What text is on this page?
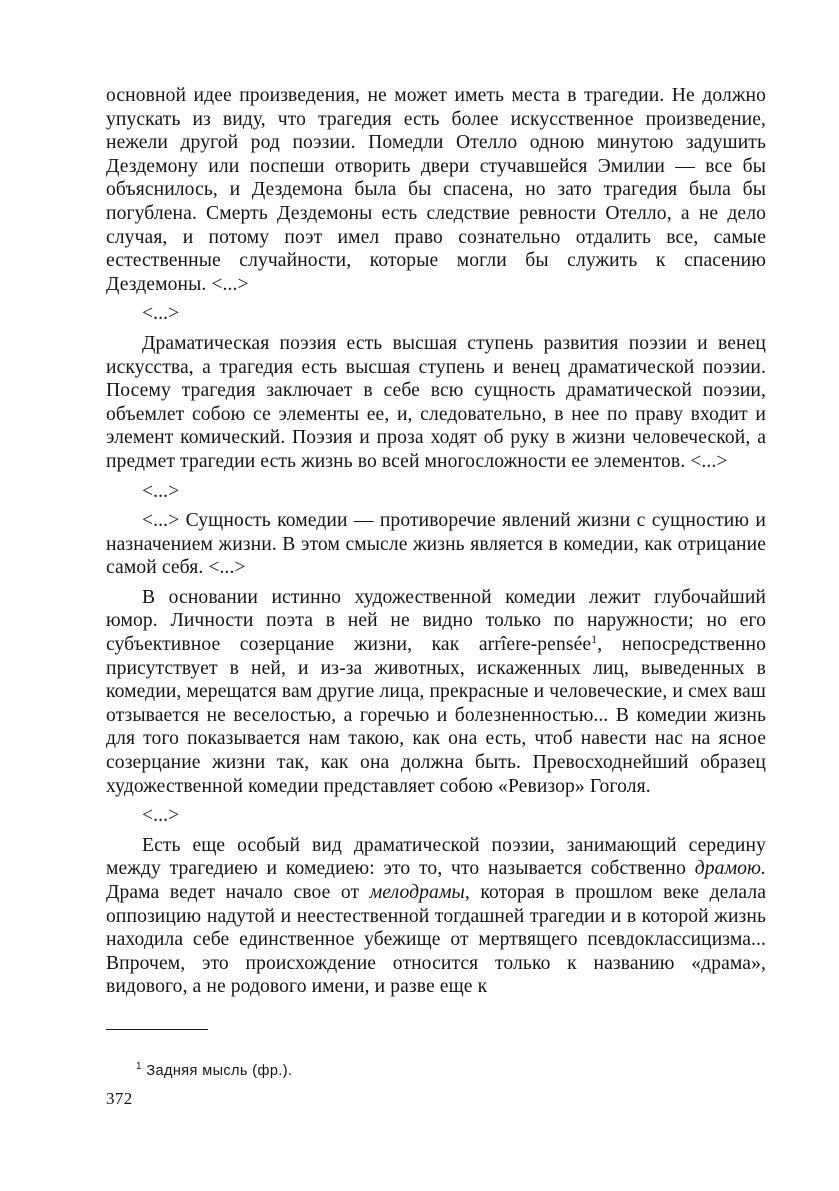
основной идее произведения, не может иметь места в трагедии. Не должно упускать из виду, что трагедия есть более искусственное произведение, нежели другой род поэзии. Помедли Отелло одною минутою задушить Дездемону или поспеши отворить двери стучавшейся Эмилии — все бы объяснилось, и Дездемона была бы спасена, но зато трагедия была бы погублена. Смерть Дездемоны есть следствие ревности Отелло, а не дело случая, и потому поэт имел право сознательно отдалить все, самые естественные случайности, которые могли бы служить к спасению Дездемоны. <...>

<...>

Драматическая поэзия есть высшая ступень развития поэзии и венец искусства, а трагедия есть высшая ступень и венец драматической поэзии. Посему трагедия заключает в себе всю сущность драматической поэзии, объемлет собою се элементы ее, и, следовательно, в нее по праву входит и элемент комический. Поэзия и проза ходят об руку в жизни человеческой, а предмет трагедии есть жизнь во всей многосложности ее элементов. <...>

<...>

<...> Сущность комедии — противоречие явлений жизни с сущностию и назначением жизни. В этом смысле жизнь является в комедии, как отрицание самой себя. <...>

В основании истинно художественной комедии лежит глубочайший юмор. Личности поэта в ней не видно только по наружности; но его субъективное созерцание жизни, как arrîere-pensée$^1$, непосредственно присутствует в ней, и из-за животных, искаженных лиц, выведенных в комедии, мерещатся вам другие лица, прекрасные и человеческие, и смех ваш отзывается не веселостью, а горечью и болезненностью... В комедии жизнь для того показывается нам такою, как она есть, чтоб навести нас на ясное созерцание жизни так, как она должна быть. Превосходнейший образец художественной комедии представляет собою «Ревизор» Гоголя.

<...>

Есть еще особый вид драматической поэзии, занимающий середину между трагедиею и комедиею: это то, что называется собственно драмою. Драма ведет начало свое от мелодрамы, которая в прошлом веке делала оппозицию надутой и неестественной тогдашней трагедии и в которой жизнь находила себе единственное убежище от мертвящего псевдоклассицизма... Впрочем, это происхождение относится только к названию «драма», видового, а не родового имени, и разве еще к

$^1$ Задняя мысль (фр.).
372
